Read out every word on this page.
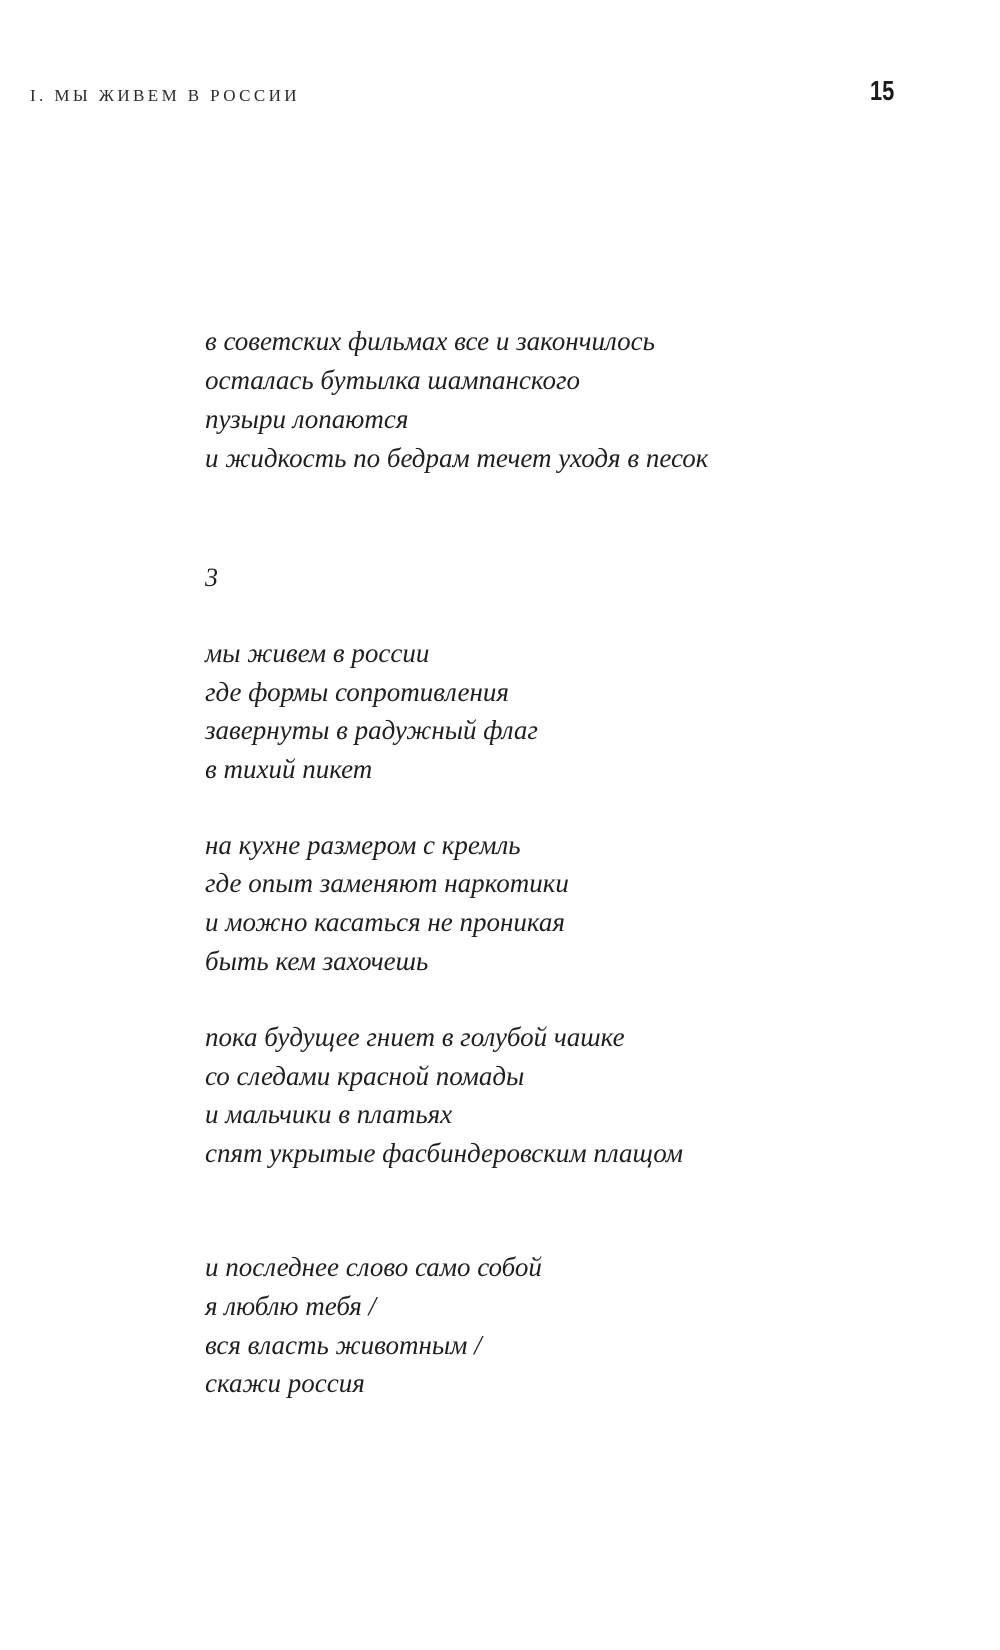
I. МЫ ЖИВЕМ В РОССИИ	15
в советских фильмах все и закончилось
осталась бутылка шампанского
пузыри лопаются
и жидкость по бедрам течет уходя в песок
3
мы живем в россии
где формы сопротивления
завернуты в радужный флаг
в тихий пикет
на кухне размером с кремль
где опыт заменяют наркотики
и можно касаться не проникая
быть кем захочешь
пока будущее гниет в голубой чашке
со следами красной помады
и мальчики в платьях
спят укрытые фасбиндеровским плащом
и последнее слово само собой
я люблю тебя /
вся власть животным /
скажи россия
